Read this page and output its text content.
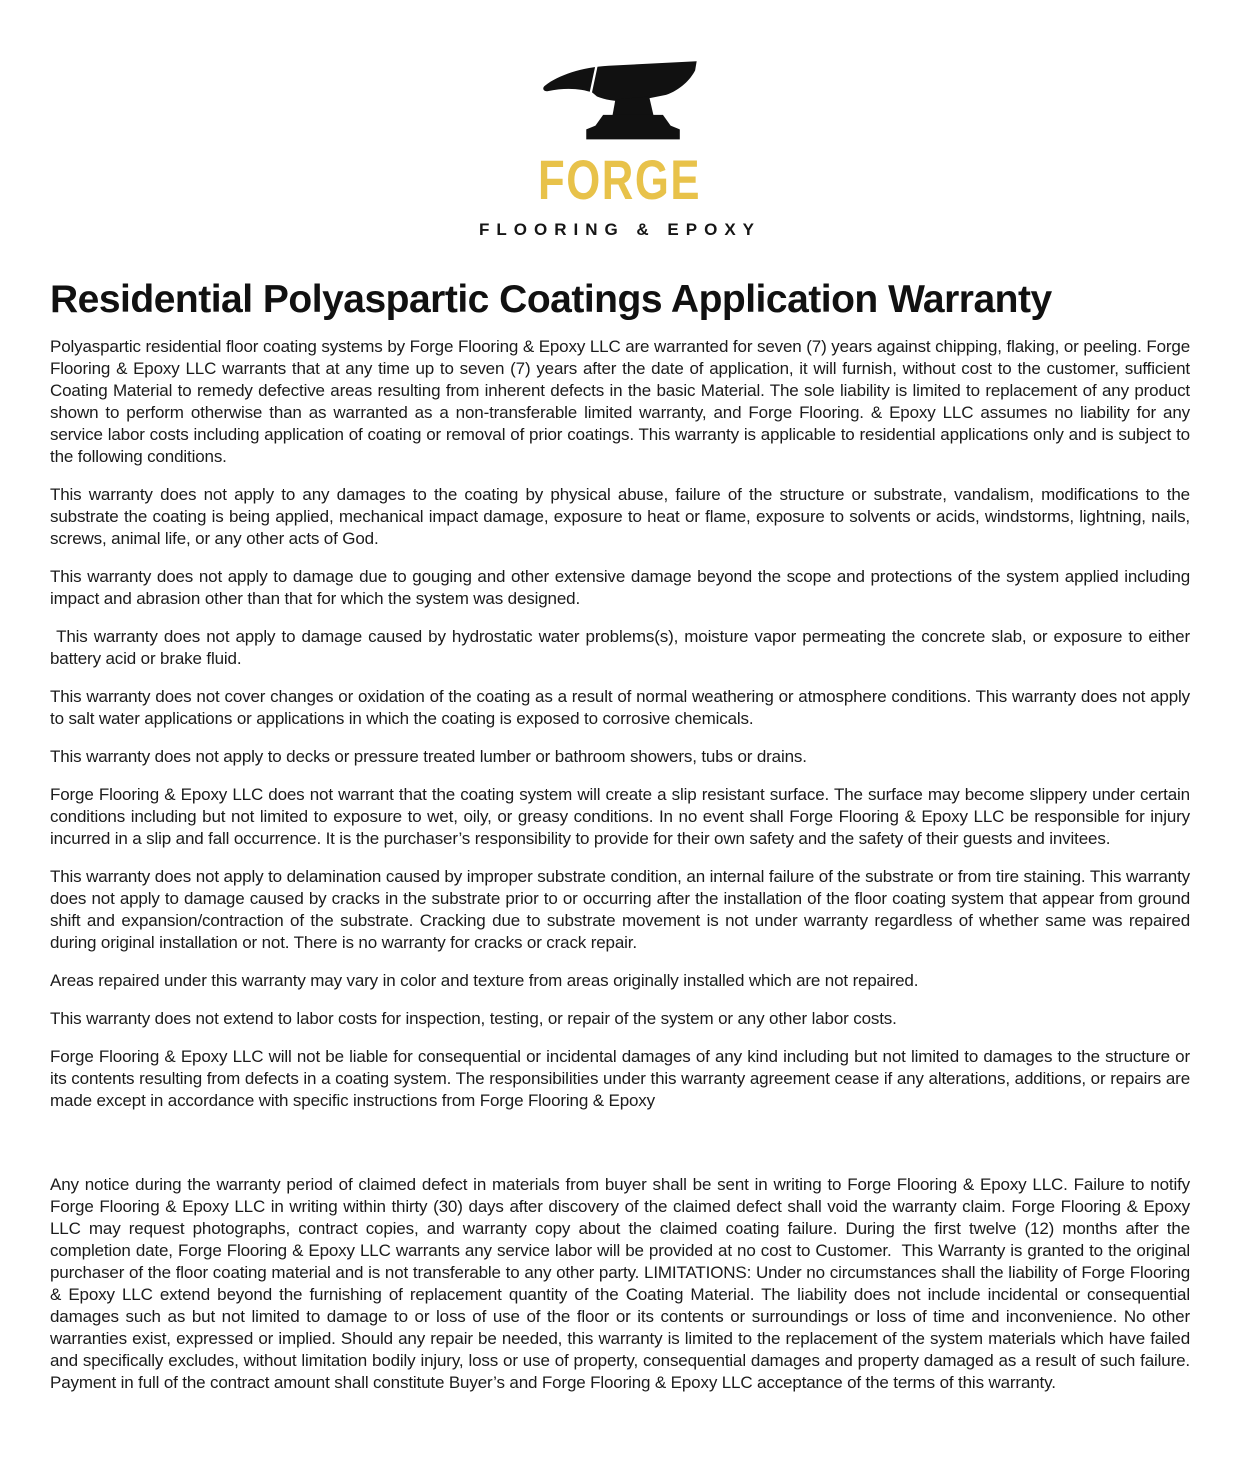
FORGE
FLOORING & EPOXY
Residential Polyaspartic Coatings Application Warranty

Polyaspartic residential floor coating systems by Forge Flooring & Epoxy LLC are warranted for seven (7) years against chipping, flaking, or peeling. Forge Flooring & Epoxy LLC warrants that at any time up to seven (7) years after the date of application, it will furnish, without cost to the customer, sufficient Coating Material to remedy defective areas resulting from inherent defects in the basic Material. The sole liability is limited to replacement of any product shown to perform otherwise than as warranted as a non-transferable limited warranty, and Forge Flooring. & Epoxy LLC assumes no liability for any service labor costs including application of coating or removal of prior coatings. This warranty is applicable to residential applications only and is subject to the following conditions.

This warranty does not apply to any damages to the coating by physical abuse, failure of the structure or substrate, vandalism, modifications to the substrate the coating is being applied, mechanical impact damage, exposure to heat or flame, exposure to solvents or acids, windstorms, lightning, nails, screws, animal life, or any other acts of God.

This warranty does not apply to damage due to gouging and other extensive damage beyond the scope and protections of the system applied including impact and abrasion other than that for which the system was designed.

This warranty does not apply to damage caused by hydrostatic water problems(s), moisture vapor permeating the concrete slab, or exposure to either battery acid or brake fluid.

This warranty does not cover changes or oxidation of the coating as a result of normal weathering or atmosphere conditions. This warranty does not apply to salt water applications or applications in which the coating is exposed to corrosive chemicals.

This warranty does not apply to decks or pressure treated lumber or bathroom showers, tubs or drains.

Forge Flooring & Epoxy LLC does not warrant that the coating system will create a slip resistant surface. The surface may become slippery under certain conditions including but not limited to exposure to wet, oily, or greasy conditions. In no event shall Forge Flooring & Epoxy LLC be responsible for injury incurred in a slip and fall occurrence. It is the purchaser’s responsibility to provide for their own safety and the safety of their guests and invitees.

This warranty does not apply to delamination caused by improper substrate condition, an internal failure of the substrate or from tire staining. This warranty does not apply to damage caused by cracks in the substrate prior to or occurring after the installation of the floor coating system that appear from ground shift and expansion/contraction of the substrate. Cracking due to substrate movement is not under warranty regardless of whether same was repaired during original installation or not. There is no warranty for cracks or crack repair.

Areas repaired under this warranty may vary in color and texture from areas originally installed which are not repaired.

This warranty does not extend to labor costs for inspection, testing, or repair of the system or any other labor costs.

Forge Flooring & Epoxy LLC will not be liable for consequential or incidental damages of any kind including but not limited to damages to the structure or its contents resulting from defects in a coating system. The responsibilities under this warranty agreement cease if any alterations, additions, or repairs are made except in accordance with specific instructions from Forge Flooring & Epoxy

Any notice during the warranty period of claimed defect in materials from buyer shall be sent in writing to Forge Flooring & Epoxy LLC. Failure to notify Forge Flooring & Epoxy LLC in writing within thirty (30) days after discovery of the claimed defect shall void the warranty claim. Forge Flooring & Epoxy LLC may request photographs, contract copies, and warranty copy about the claimed coating failure. During the first twelve (12) months after the completion date, Forge Flooring & Epoxy LLC warrants any service labor will be provided at no cost to Customer.  This Warranty is granted to the original purchaser of the floor coating material and is not transferable to any other party. LIMITATIONS: Under no circumstances shall the liability of Forge Flooring & Epoxy LLC extend beyond the furnishing of replacement quantity of the Coating Material. The liability does not include incidental or consequential damages such as but not limited to damage to or loss of use of the floor or its contents or surroundings or loss of time and inconvenience. No other warranties exist, expressed or implied. Should any repair be needed, this warranty is limited to the replacement of the system materials which have failed and specifically excludes, without limitation bodily injury, loss or use of property, consequential damages and property damaged as a result of such failure. Payment in full of the contract amount shall constitute Buyer’s and Forge Flooring & Epoxy LLC acceptance of the terms of this warranty.
